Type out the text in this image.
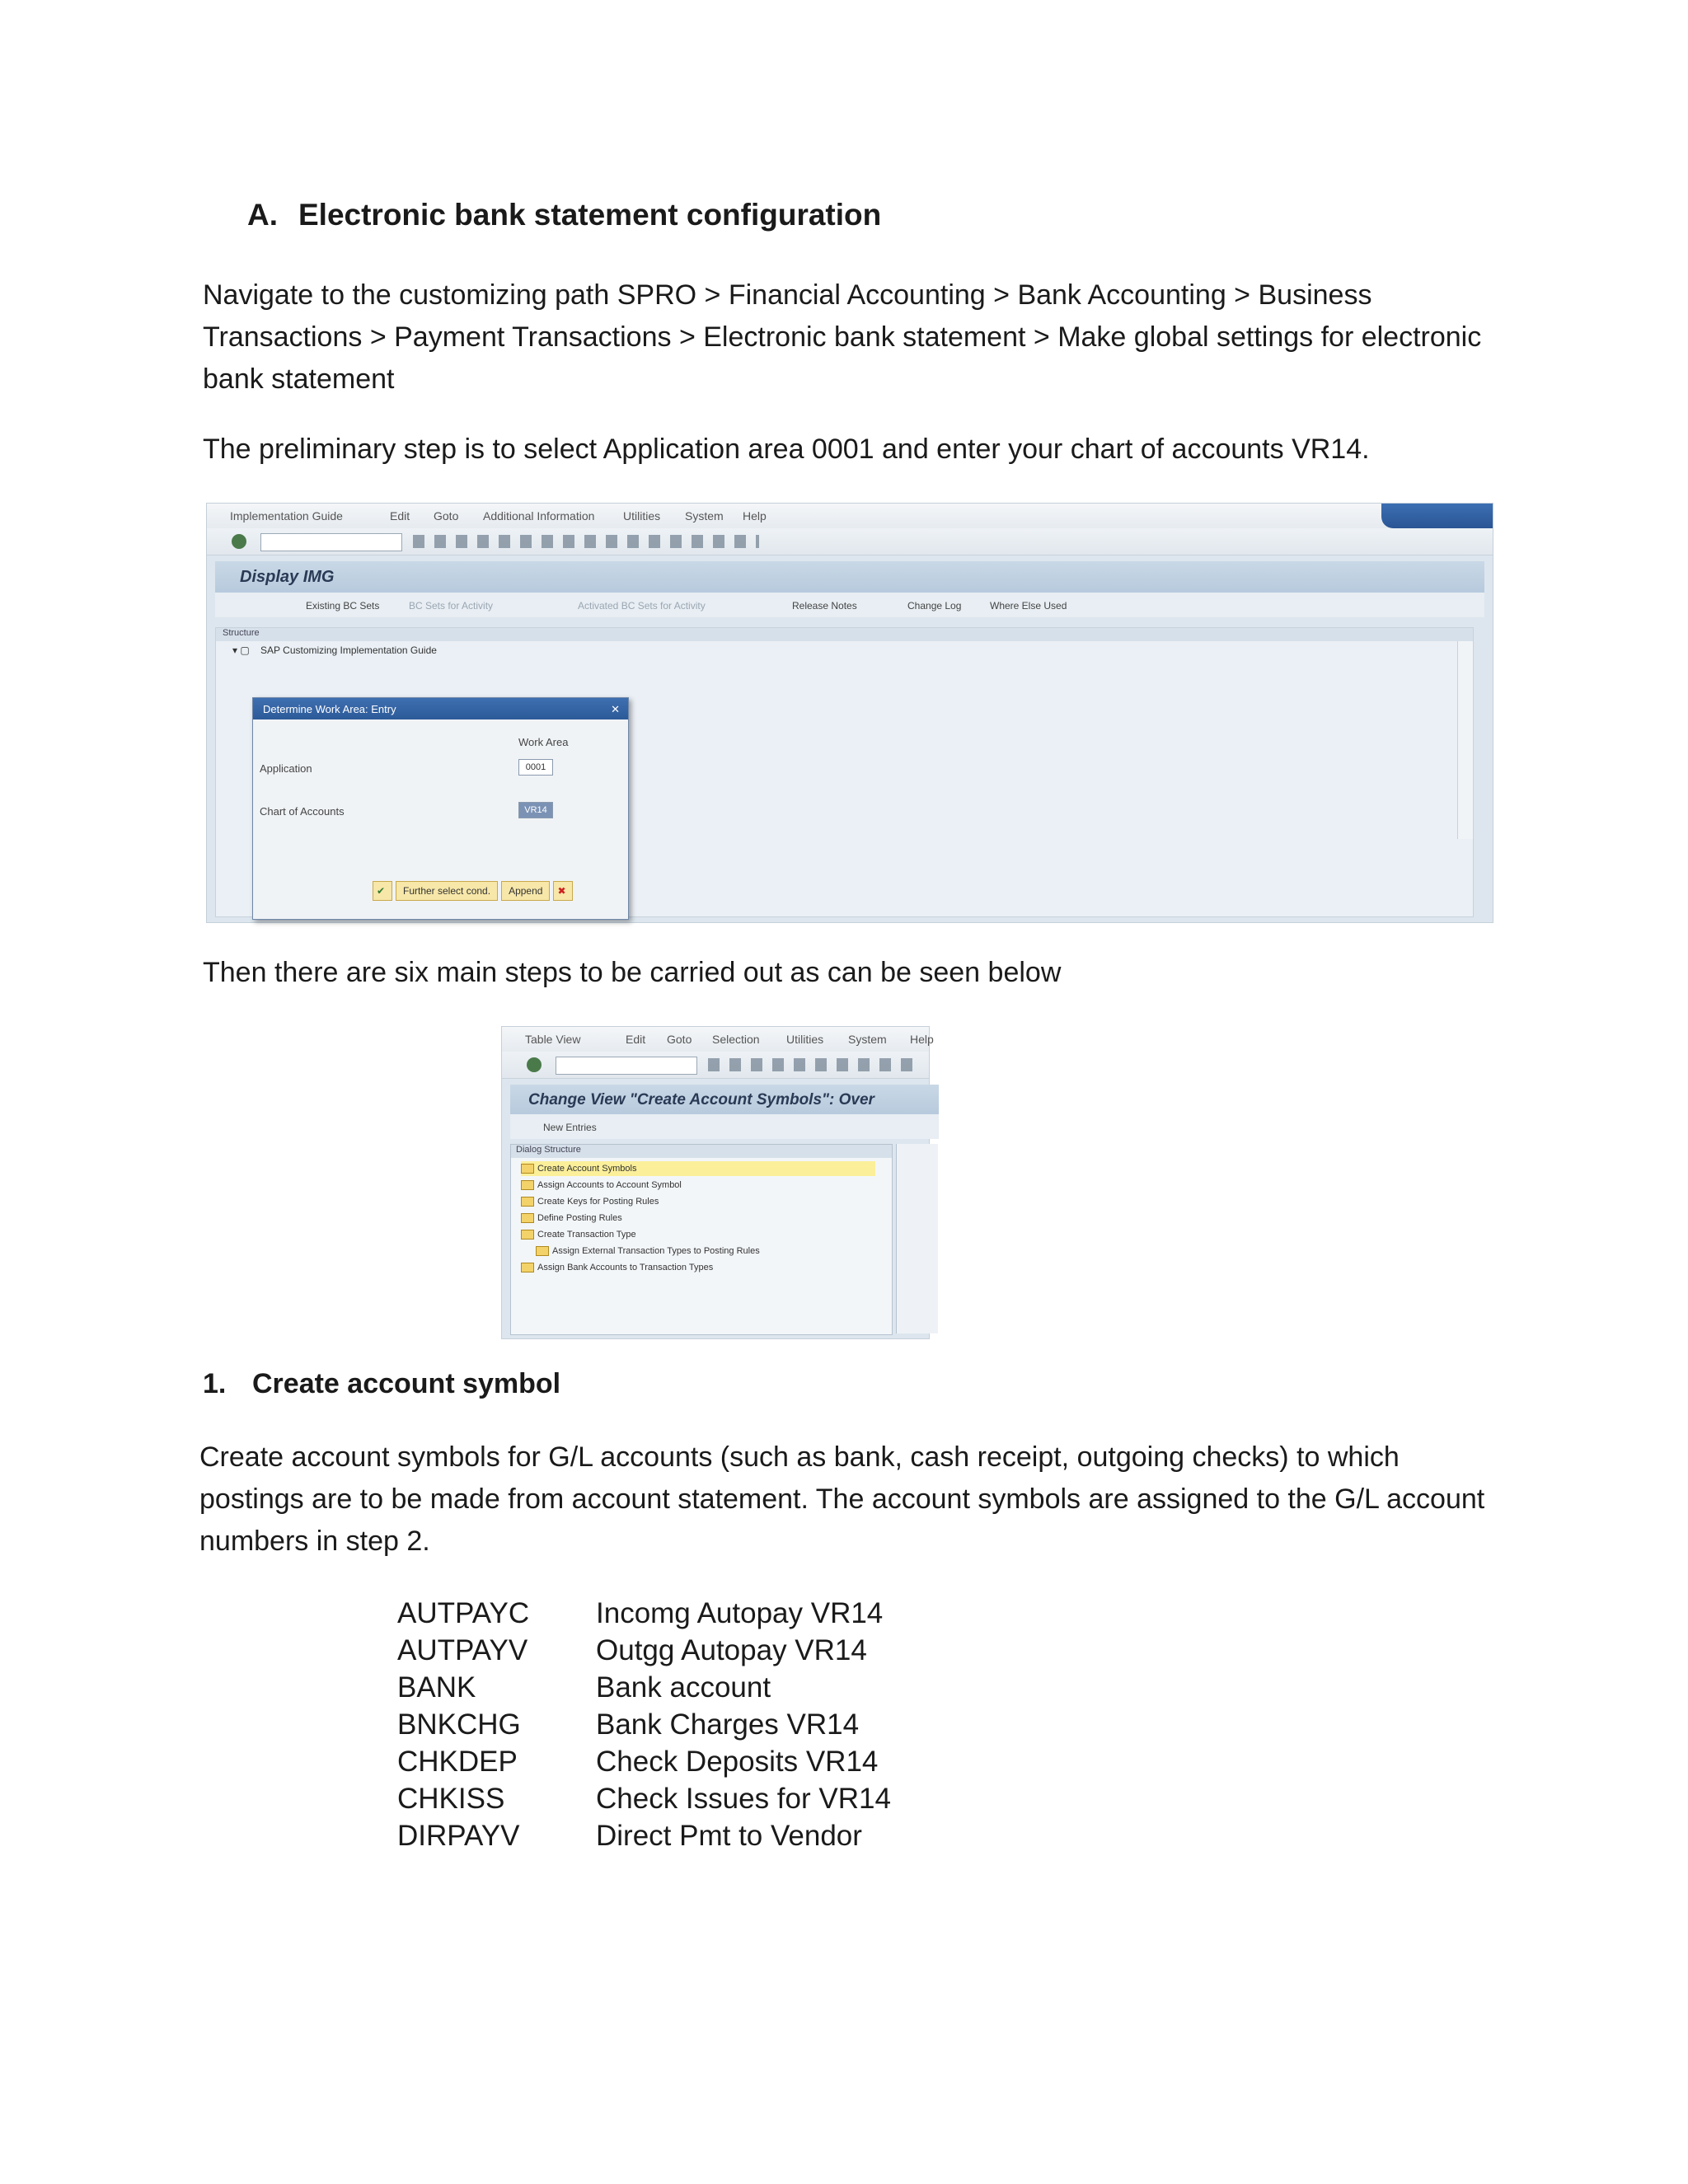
A. Electronic bank statement configuration
Navigate to the customizing path SPRO > Financial Accounting > Bank Accounting > Business Transactions > Payment Transactions > Electronic bank statement > Make global settings for electronic bank statement
The preliminary step is to select Application area 0001 and enter your chart of accounts VR14.
Implementation Guide	Edit Goto Additional Information Utilities System Help
Display IMG
Existing BC Sets	BC Sets for Activity	Activated BC Sets for Activity	Release Notes	Change Log	Where Else Used
Structure
▾ ▢    SAP Customizing Implementation Guide
Determine Work Area: Entry	✕
Work Area
Application	0001
Chart of Accounts	VR14
✔ Further select cond. Append ✖
Then there are six main steps to be carried out as can be seen below
Table View	Edit Goto Selection Utilities System Help
Change View "Create Account Symbols": Over
New Entries
Dialog Structure
Create Account Symbols
Assign Accounts to Account Symbol
Create Keys for Posting Rules
Define Posting Rules
Create Transaction Type
Assign External Transaction Types to Posting Rules
Assign Bank Accounts to Transaction Types
1. Create account symbol
Create account symbols for G/L accounts (such as bank, cash receipt, outgoing checks) to which postings are to be made from account statement. The account symbols are assigned to the G/L account numbers in step 2.
AUTPAYC	Incomg Autopay VR14
AUTPAYV	Outgg Autopay VR14
BANK	Bank account
BNKCHG	Bank Charges VR14
CHKDEP	Check Deposits VR14
CHKISS	Check Issues for VR14
DIRPAYV	Direct Pmt to Vendor
